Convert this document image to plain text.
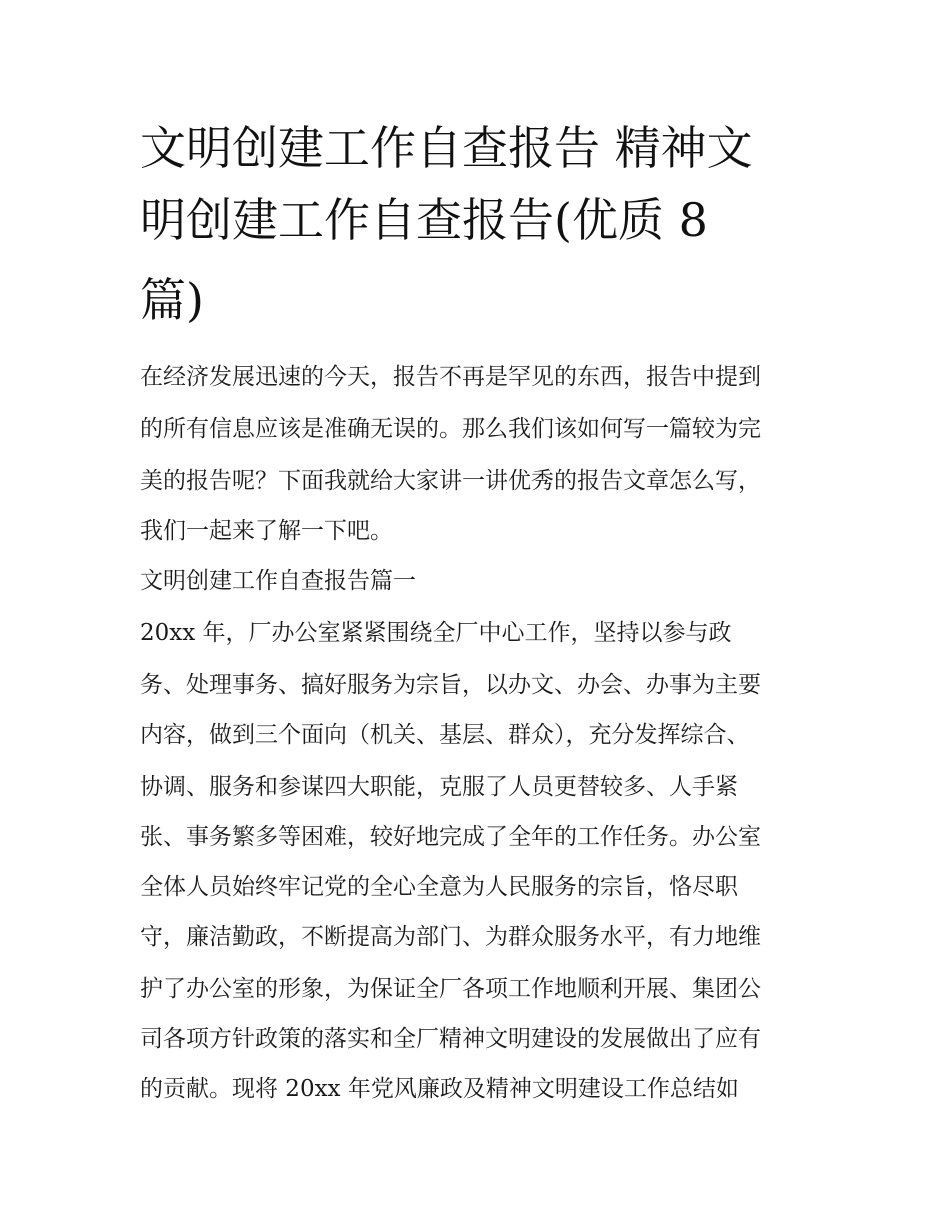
文明创建工作自查报告 精神文
明创建工作自查报告(优质 8
篇)
在经济发展迅速的今天，报告不再是罕见的东西，报告中提到
的所有信息应该是准确无误的。那么我们该如何写一篇较为完
美的报告呢？下面我就给大家讲一讲优秀的报告文章怎么写，
我们一起来了解一下吧。
文明创建工作自查报告篇一
20xx 年，厂办公室紧紧围绕全厂中心工作，坚持以参与政
务、处理事务、搞好服务为宗旨，以办文、办会、办事为主要
内容，做到三个面向（机关、基层、群众），充分发挥综合、
协调、服务和参谋四大职能，克服了人员更替较多、人手紧
张、事务繁多等困难，较好地完成了全年的工作任务。办公室
全体人员始终牢记党的全心全意为人民服务的宗旨，恪尽职
守，廉洁勤政，不断提高为部门、为群众服务水平，有力地维
护了办公室的形象，为保证全厂各项工作地顺利开展、集团公
司各项方针政策的落实和全厂精神文明建设的发展做出了应有
的贡献。现将 20xx 年党风廉政及精神文明建设工作总结如
